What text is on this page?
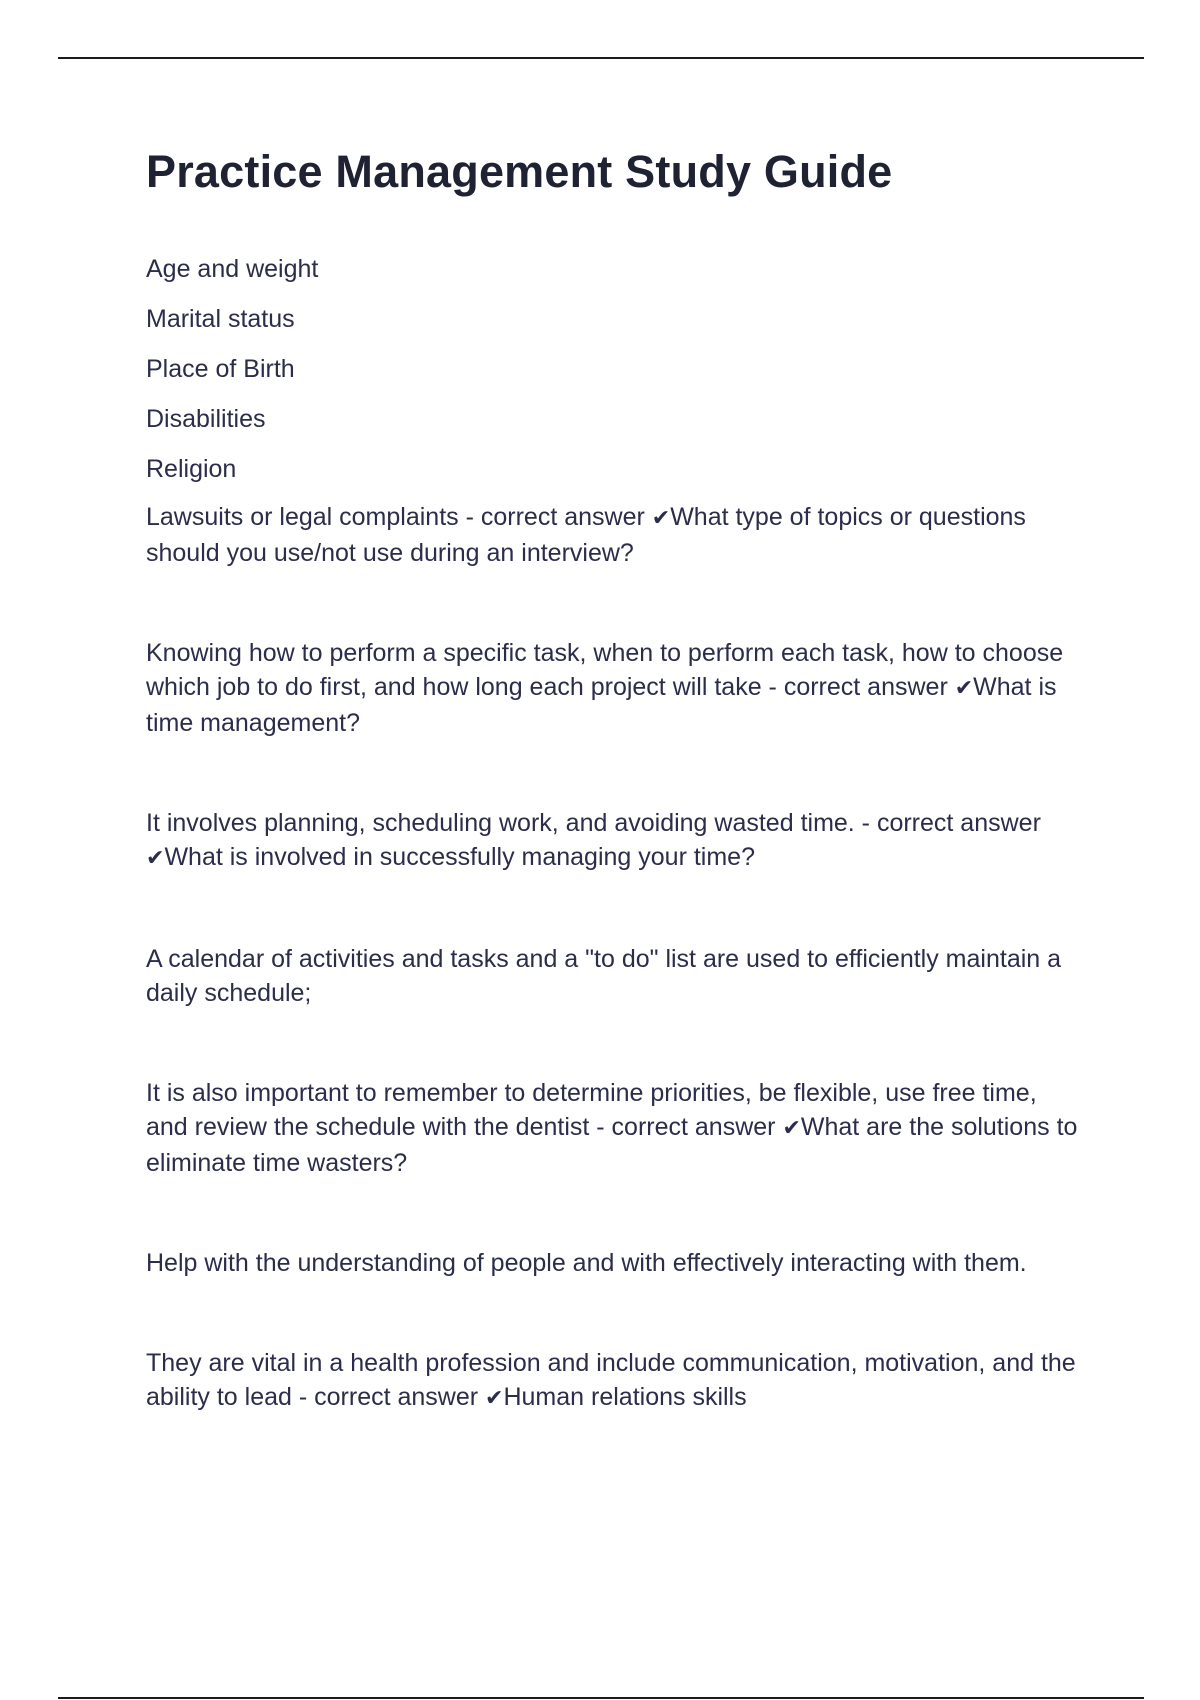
Practice Management Study Guide
Age and weight
Marital status
Place of Birth
Disabilities
Religion

Lawsuits or legal complaints - correct answer ✔What type of topics or questions should you use/not use during an interview?

Knowing how to perform a specific task, when to perform each task, how to choose which job to do first, and how long each project will take - correct answer ✔What is time management?

It involves planning, scheduling work, and avoiding wasted time. - correct answer ✔What is involved in successfully managing your time?

A calendar of activities and tasks and a "to do" list are used to efficiently maintain a daily schedule;

It is also important to remember to determine priorities, be flexible, use free time, and review the schedule with the dentist - correct answer ✔What are the solutions to eliminate time wasters?

Help with the understanding of people and with effectively interacting with them.

They are vital in a health profession and include communication, motivation, and the ability to lead - correct answer ✔Human relations skills
